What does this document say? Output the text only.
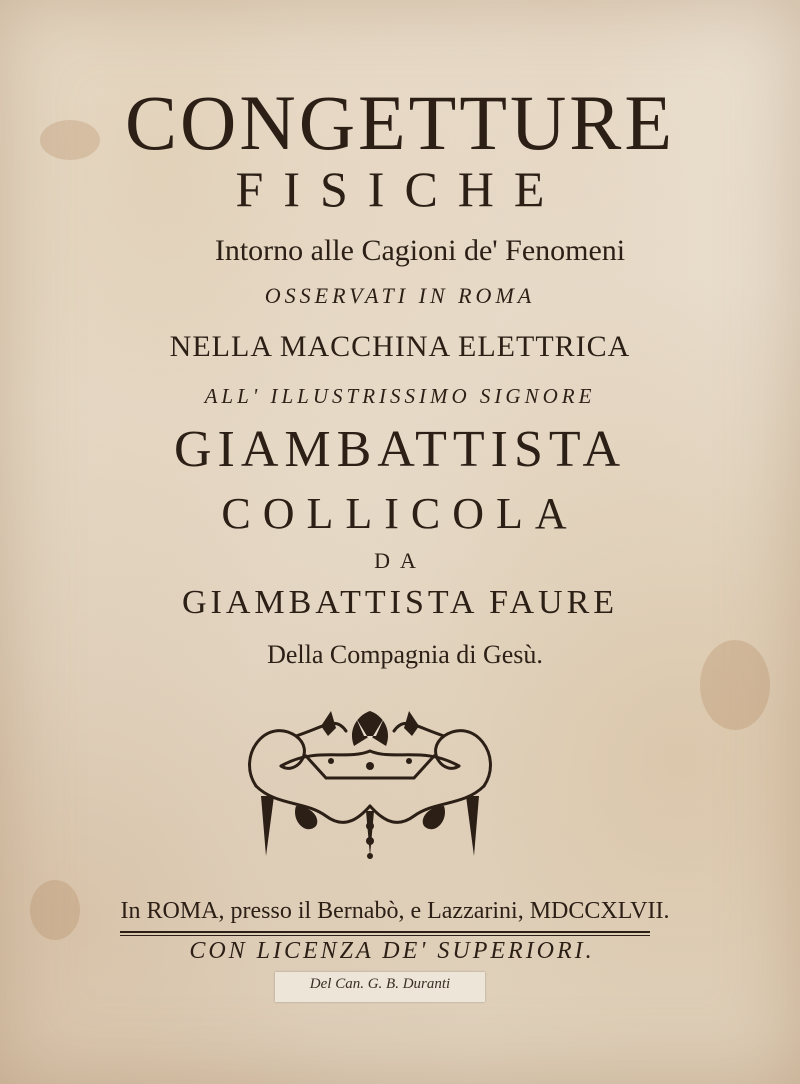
CONGETTURE
FISICHE
Intorno alle Cagioni de' Fenomeni
OSSERVATI IN ROMA
NELLA MACCHINA ELETTRICA
ALL' ILLUSTRISSIMO SIGNORE
GIAMBATTISTA
COLLICOLA
DA
GIAMBATTISTA FAURE
Della Compagnia di Gesù.
In ROMA, presso il Bernabò, e Lazzarini, MDCCXLVII.
CON LICENZA DE' SUPERIORI.
Del Can. G. B. Duranti
